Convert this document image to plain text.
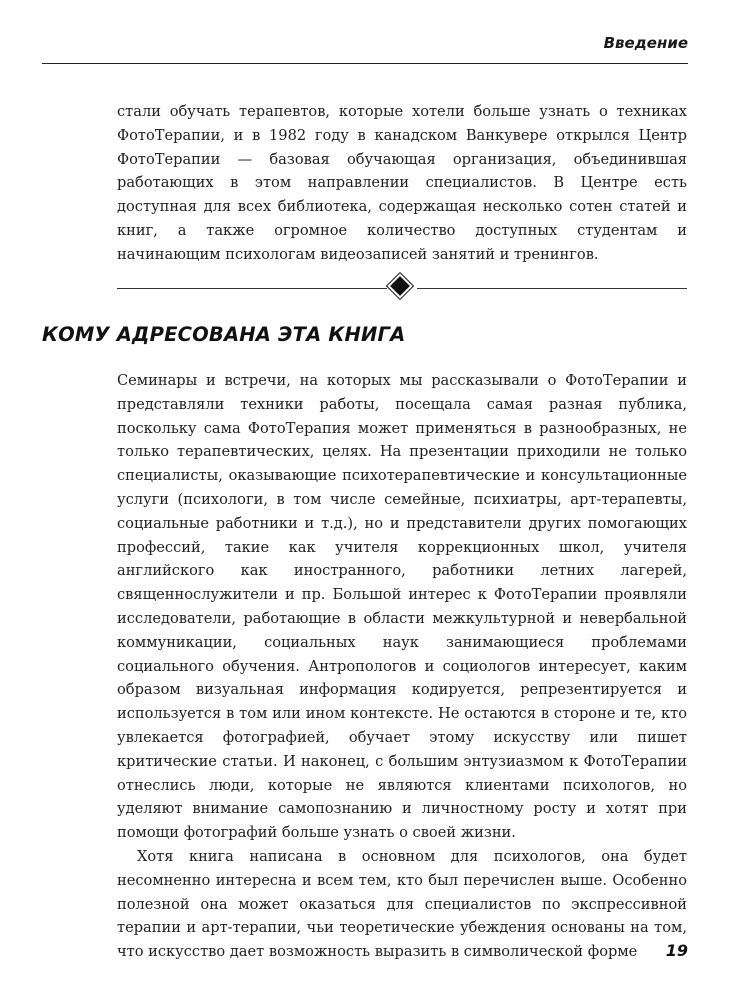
Введение

стали обучать терапевтов, которые хотели больше узнать о техниках ФотоТерапии, и в 1982 году в канадском Ванкувере открылся Центр ФотоТерапии — базовая обучающая организация, объединившая работающих в этом направлении специалистов. В Центре есть доступная для всех библиотека, содержащая несколько сотен статей и книг, а также огромное количество доступных студентам и начинающим психологам видеозаписей занятий и тренингов.

КОМУ АДРЕСОВАНА ЭТА КНИГА

Семинары и встречи, на которых мы рассказывали о ФотоТерапии и представляли техники работы, посещала самая разная публика, поскольку сама ФотоТерапия может применяться в разнообразных, не только терапевтических, целях. На презентации приходили не только специалисты, оказывающие психотерапевтические и консультационные услуги (психологи, в том числе семейные, психиатры, арт-терапевты, социальные работники и т.д.), но и представители других помогающих профессий, такие как учителя коррекционных школ, учителя английского как иностранного, работники летних лагерей, священнослужители и пр. Большой интерес к ФотоТерапии проявляли исследователи, работающие в области межкультурной и невербальной коммуникации, социальных наук занимающиеся проблемами социального обучения. Антропологов и социологов интересует, каким образом визуальная информация кодируется, репрезентируется и используется в том или ином контексте. Не остаются в стороне и те, кто увлекается фотографией, обучает этому искусству или пишет критические статьи. И наконец, с большим энтузиазмом к ФотоТерапии отнеслись люди, которые не являются клиентами психологов, но уделяют внимание самопознанию и личностному росту и хотят при помощи фотографий больше узнать о своей жизни.

Хотя книга написана в основном для психологов, она будет несомненно интересна и всем тем, кто был перечислен выше. Особенно полезной она может оказаться для специалистов по экспрессивной терапии и арт-терапии, чьи теоретические убеждения основаны на том, что искусство дает возможность выразить в символической форме	19
